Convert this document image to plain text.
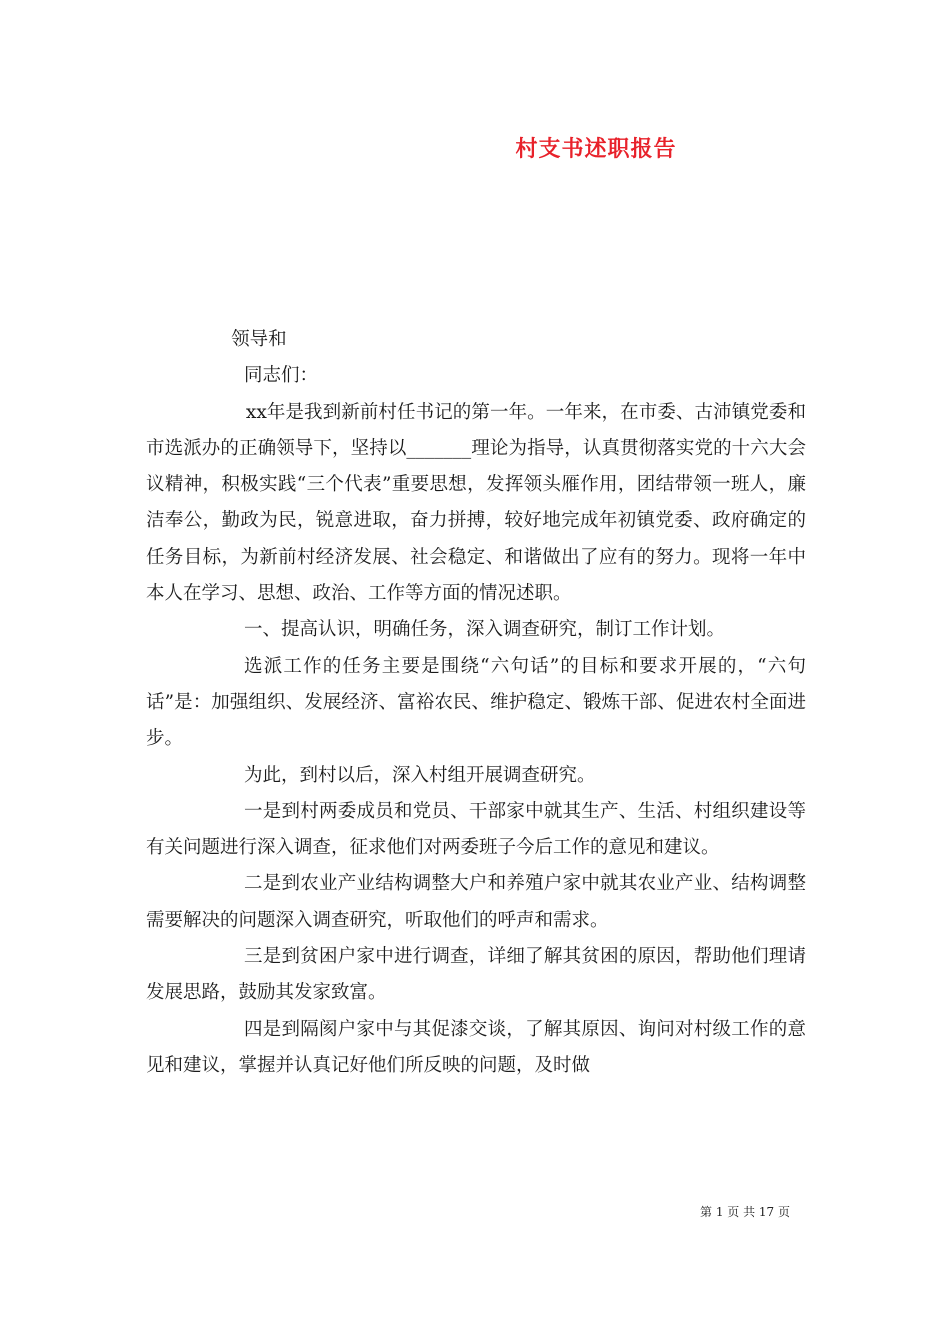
村支书述职报告

领导和

同志们：

xx年是我到新前村任书记的第一年。一年来，在市委、古沛镇党委和市选派办的正确领导下，坚持以_______理论为指导，认真贯彻落实党的十六大会议精神，积极实践“三个代表”重要思想，发挥领头雁作用，团结带领一班人，廉洁奉公，勤政为民，锐意进取，奋力拼搏，较好地完成年初镇党委、政府确定的任务目标，为新前村经济发展、社会稳定、和谐做出了应有的努力。现将一年中本人在学习、思想、政治、工作等方面的情况述职。

一、提高认识，明确任务，深入调查研究，制订工作计划。

选派工作的任务主要是围绕“六句话”的目标和要求开展的，“六句话”是：加强组织、发展经济、富裕农民、维护稳定、锻炼干部、促进农村全面进步。

为此，到村以后，深入村组开展调查研究。

一是到村两委成员和党员、干部家中就其生产、生活、村组织建设等有关问题进行深入调查，征求他们对两委班子今后工作的意见和建议。

二是到农业产业结构调整大户和养殖户家中就其农业产业、结构调整需要解决的问题深入调查研究，听取他们的呼声和需求。

三是到贫困户家中进行调查，详细了解其贫困的原因，帮助他们理请发展思路，鼓励其发家致富。

四是到隔阂户家中与其促漆交谈，了解其原因、询问对村级工作的意见和建议，掌握并认真记好他们所反映的问题，及时做

第 1 页 共 17 页
